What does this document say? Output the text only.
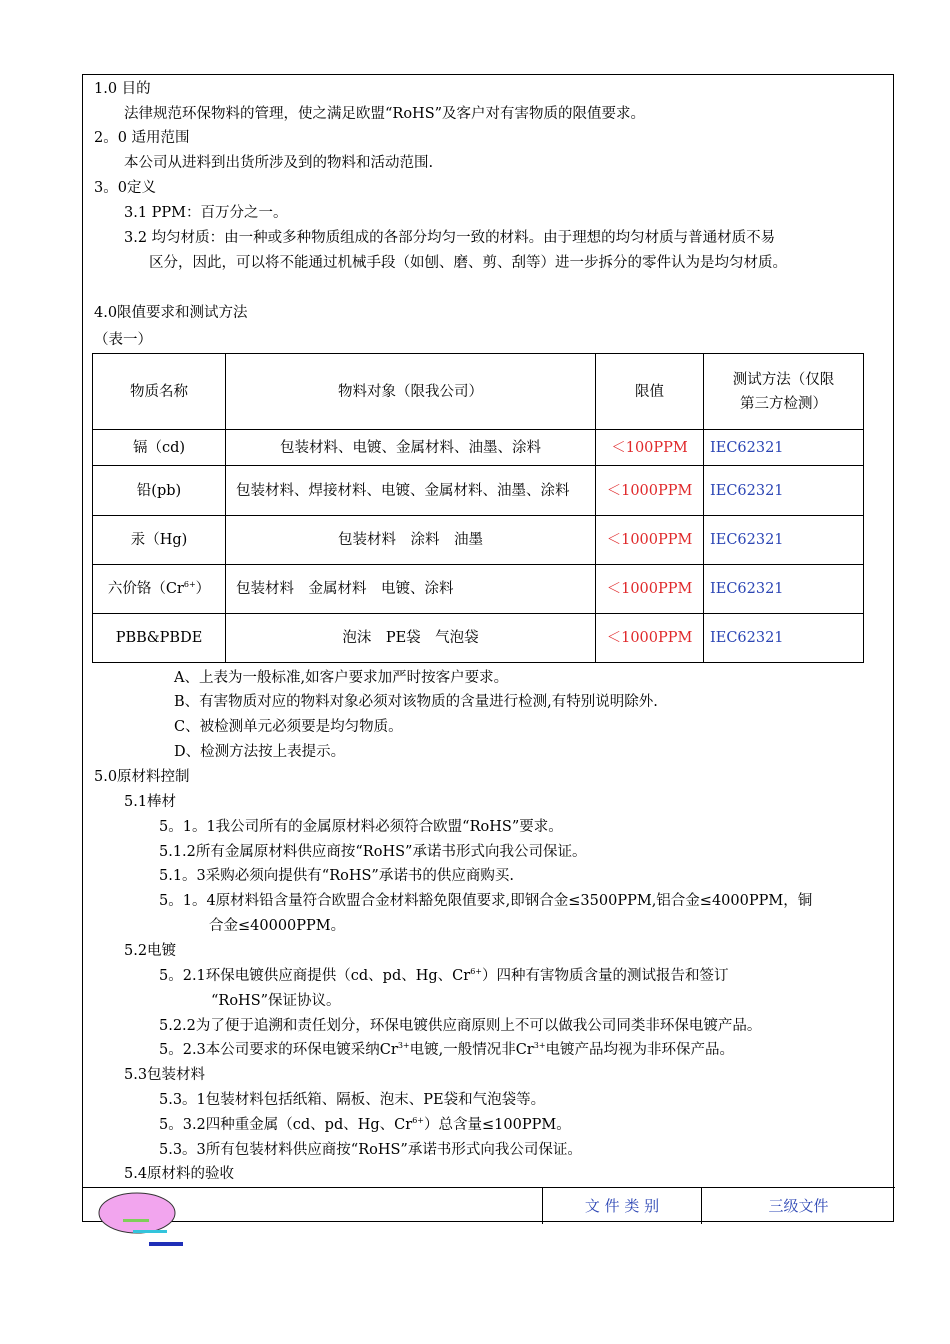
1.0 目的
法律规范环保物料的管理，使之满足欧盟“RoHS”及客户对有害物质的限值要求。
2。0 适用范围
本公司从进料到出货所涉及到的物料和活动范围.
3。0定义
3.1 PPM：百万分之一。
3.2 均匀材质：由一种或多种物质组成的各部分均匀一致的材料。由于理想的均匀材质与普通材质不易
区分，因此，可以将不能通过机械手段（如刨、磨、剪、刮等）进一步拆分的零件认为是均匀材质。
4.0限值要求和测试方法
（表一）
物质名称	物料对象（限我公司）	限值	测试方法（仅限第三方检测）
镉（cd)	包装材料、电镀、金属材料、油墨、涂料	＜100PPM	IEC62321
铅(pb)	包装材料、焊接材料、电镀、金属材料、油墨、涂料	＜1000PPM	IEC62321
汞（Hg)	包装材料　涂料　油墨	＜1000PPM	IEC62321
六价铬$(Cr^{6+})$	包装材料　金属材料　电镀、涂料	＜1000PPM	IEC62321
PBB&PBDE	泡沫　PE袋　气泡袋	＜1000PPM	IEC62321
A、上表为一般标准,如客户要求加严时按客户要求。
B、有害物质对应的物料对象必须对该物质的含量进行检测,有特别说明除外.
C、被检测单元必须要是均匀物质。
D、检测方法按上表提示。
5.0原材料控制
5.1棒材
5。1。1我公司所有的金属原材料必须符合欧盟“RoHS”要求。
5.1.2所有金属原材料供应商按“RoHS”承诺书形式向我公司保证。
5.1。3采购必须向提供有“RoHS”承诺书的供应商购买.
5。1。4原材料铅含量符合欧盟合金材料豁免限值要求,即钢合金≤3500PPM,铝合金≤4000PPM，铜
合金≤40000PPM。
5.2电镀
5。2.1环保电镀供应商提供（cd、pd、Hg、$Cr^{6+}$）四种有害物质含量的测试报告和签订
“RoHS”保证协议。
5.2.2为了便于追溯和责任划分，环保电镀供应商原则上不可以做我公司同类非环保电镀产品。
5。2.3本公司要求的环保电镀采纳$Cr^{3+}$电镀,一般情况非$Cr^{3+}$电镀产品均视为非环保产品。
5.3包装材料
5.3。1包装材料包括纸箱、隔板、泡末、PE袋和气泡袋等。
5。3.2四种重金属（cd、pd、Hg、$Cr^{6+}$）总含量≤100PPM。
5.3。3所有包装材料供应商按“RoHS”承诺书形式向我公司保证。
5.4原材料的验收
文 件 类 别	三级文件
